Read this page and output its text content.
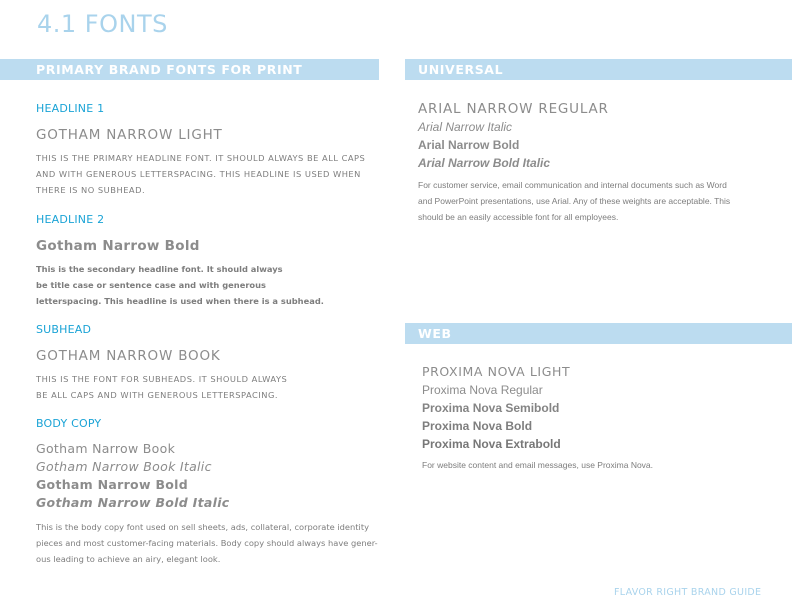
4.1 FONTS
PRIMARY BRAND FONTS FOR PRINT
HEADLINE 1
GOTHAM NARROW LIGHT
THIS IS THE PRIMARY HEADLINE FONT. IT SHOULD ALWAYS BE ALL CAPS
AND WITH GENEROUS LETTERSPACING. THIS HEADLINE IS USED WHEN
THERE IS NO SUBHEAD.
HEADLINE 2
Gotham Narrow Bold
This is the secondary headline font. It should always
be title case or sentence case and with generous
letterspacing. This headline is used when there is a subhead.
SUBHEAD
GOTHAM NARROW BOOK
THIS IS THE FONT FOR SUBHEADS. IT SHOULD ALWAYS
BE ALL CAPS AND WITH GENEROUS LETTERSPACING.
BODY COPY
Gotham Narrow Book
Gotham Narrow Book Italic
Gotham Narrow Bold
Gotham Narrow Bold Italic
This is the body copy font used on sell sheets, ads, collateral, corporate identity
pieces and most customer-facing materials. Body copy should always have gener-
ous leading to achieve an airy, elegant look.
UNIVERSAL
ARIAL NARROW REGULAR
Arial Narrow Italic
Arial Narrow Bold
Arial Narrow Bold Italic
For customer service, email communication and internal documents such as Word
and PowerPoint presentations, use Arial. Any of these weights are acceptable. This
should be an easily accessible font for all employees.
WEB
PROXIMA NOVA LIGHT
Proxima Nova Regular
Proxima Nova Semibold
Proxima Nova Bold
Proxima Nova Extrabold
For website content and email messages, use Proxima Nova.
FLAVOR RIGHT BRAND GUIDE
